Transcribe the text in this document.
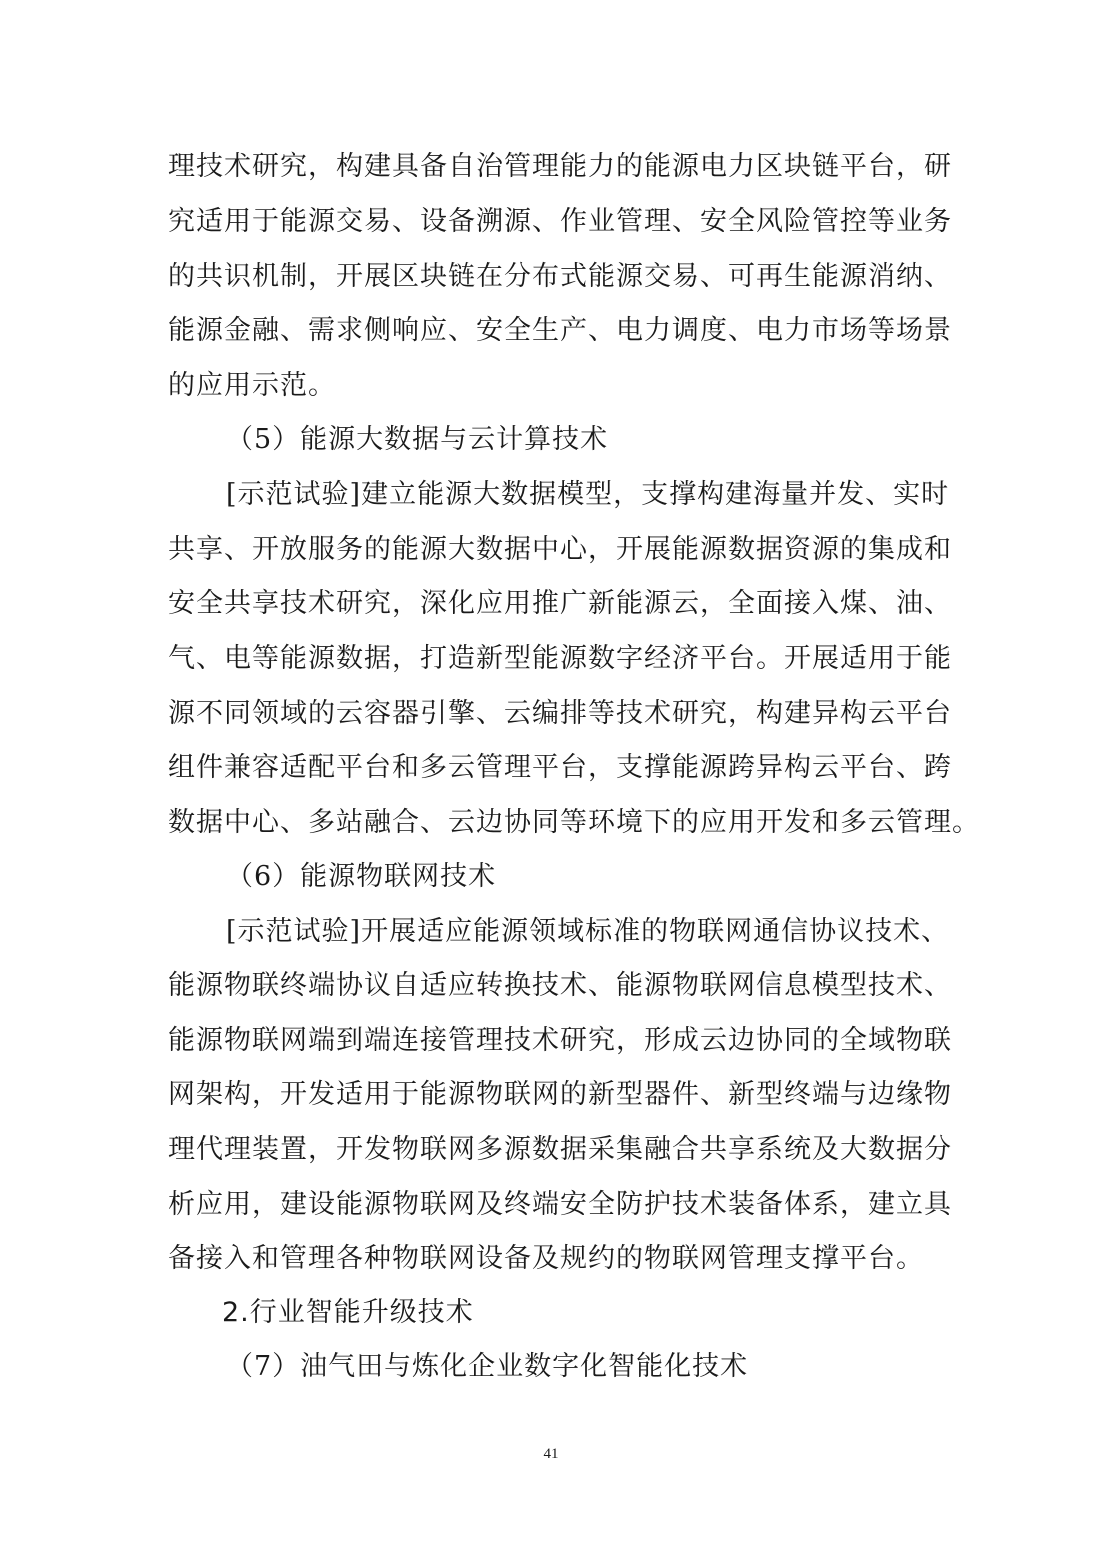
理技术研究，构建具备自治管理能力的能源电力区块链平台，研
究适用于能源交易、设备溯源、作业管理、安全风险管控等业务
的共识机制，开展区块链在分布式能源交易、可再生能源消纳、
能源金融、需求侧响应、安全生产、电力调度、电力市场等场景
的应用示范。
（5）能源大数据与云计算技术
[示范试验]建立能源大数据模型，支撑构建海量并发、实时
共享、开放服务的能源大数据中心，开展能源数据资源的集成和
安全共享技术研究，深化应用推广新能源云，全面接入煤、油、
气、电等能源数据，打造新型能源数字经济平台。开展适用于能
源不同领域的云容器引擎、云编排等技术研究，构建异构云平台
组件兼容适配平台和多云管理平台，支撑能源跨异构云平台、跨
数据中心、多站融合、云边协同等环境下的应用开发和多云管理。
（6）能源物联网技术
[示范试验]开展适应能源领域标准的物联网通信协议技术、
能源物联终端协议自适应转换技术、能源物联网信息模型技术、
能源物联网端到端连接管理技术研究，形成云边协同的全域物联
网架构，开发适用于能源物联网的新型器件、新型终端与边缘物
理代理装置，开发物联网多源数据采集融合共享系统及大数据分
析应用，建设能源物联网及终端安全防护技术装备体系，建立具
备接入和管理各种物联网设备及规约的物联网管理支撑平台。
2.行业智能升级技术
（7）油气田与炼化企业数字化智能化技术
41
